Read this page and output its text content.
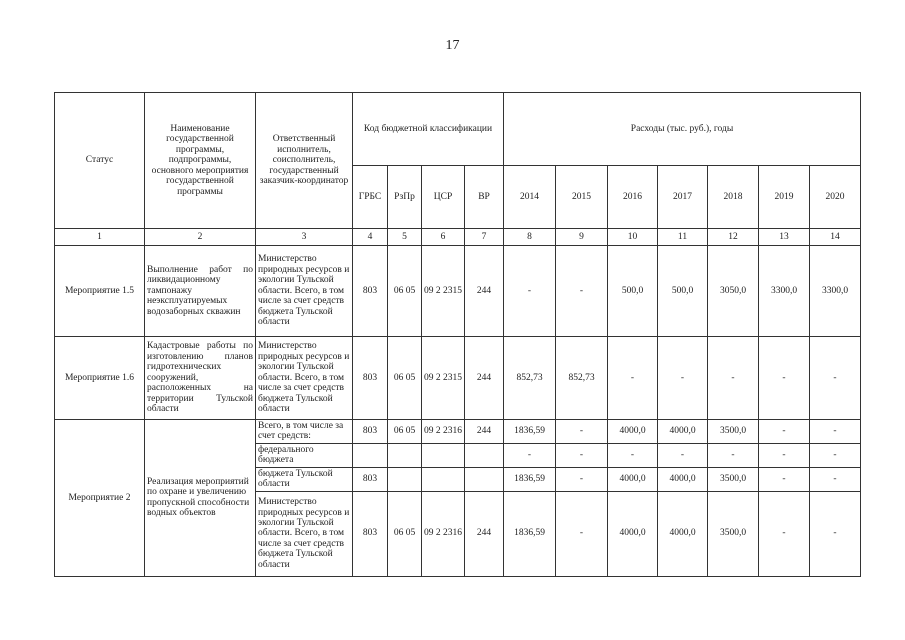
17
Статус	Наименование государственной программы, подпрограммы, основного мероприятия государственной программы	Ответственный исполнитель, соисполнитель, государственный заказчик-координатор	Код бюджетной классификации				Расходы (тыс. руб.), годы						
			ГРБС	РзПр	ЦСР	ВР	2014	2015	2016	2017	2018	2019	2020
1	2	3	4	5	6	7	8	9	10	11	12	13	14
Мероприятие 1.5	Выполнение работ по ликвидационному тампонажу неэксплуатируемых водозаборных скважин	Министерство природных ресурсов и экологии Тульской области. Всего, в том числе за счет средств бюджета Тульской области	803	06 05	09 2 2315	244	-	-	500,0	500,0	3050,0	3300,0	3300,0
Мероприятие 1.6	Кадастровые работы по изготовлению планов гидротехнических сооружений, расположенных на территории Тульской области	Министерство природных ресурсов и экологии Тульской области. Всего, в том числе за счет средств бюджета Тульской области	803	06 05	09 2 2315	244	852,73	852,73	-	-	-	-	-
Мероприятие 2	Реализация мероприятий по охране и увеличению пропускной способности водных объектов	Всего, в том числе за счет средств:	803	06 05	09 2 2316	244	1836,59	-	4000,0	4000,0	3500,0	-	-
		федерального бюджета					-	-	-	-	-	-	-
		бюджета Тульской области	803				1836,59	-	4000,0	4000,0	3500,0	-	-
		Министерство природных ресурсов и экологии Тульской области. Всего, в том числе за счет средств бюджета Тульской области	803	06 05	09 2 2316	244	1836,59	-	4000,0	4000,0	3500,0	-	-
